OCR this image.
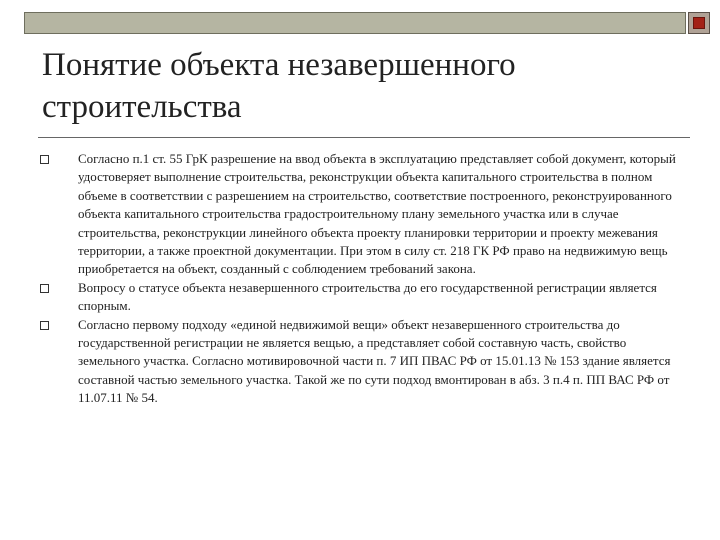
Понятие объекта незавершенного строительства
Согласно п.1 ст. 55 ГрК разрешение на ввод объекта в эксплуатацию представляет собой документ, который удостоверяет выполнение строительства, реконструкции объекта капитального строительства в полном объеме в соответствии с разрешением на строительство, соответствие построенного, реконструированного объекта капитального строительства градостроительному плану земельного участка или в случае строительства, реконструкции линейного объекта проекту планировки территории и проекту межевания территории, а также проектной документации. При этом в силу ст. 218 ГК РФ право на недвижимую вещь приобретается на объект, созданный с соблюдением требований закона.
Вопросу о статусе объекта незавершенного строительства до его государственной регистрации является спорным.
Согласно первому подходу «единой недвижимой вещи» объект незавершенного строительства до государственной регистрации не является вещью, а представляет собой составную часть, свойство земельного участка. Согласно мотивировочной части п. 7 ИП ПВАС РФ от 15.01.13 № 153 здание является составной частью земельного участка. Такой же по сути подход вмонтирован в абз. 3 п.4 п. ПП ВАС РФ от 11.07.11 № 54.
